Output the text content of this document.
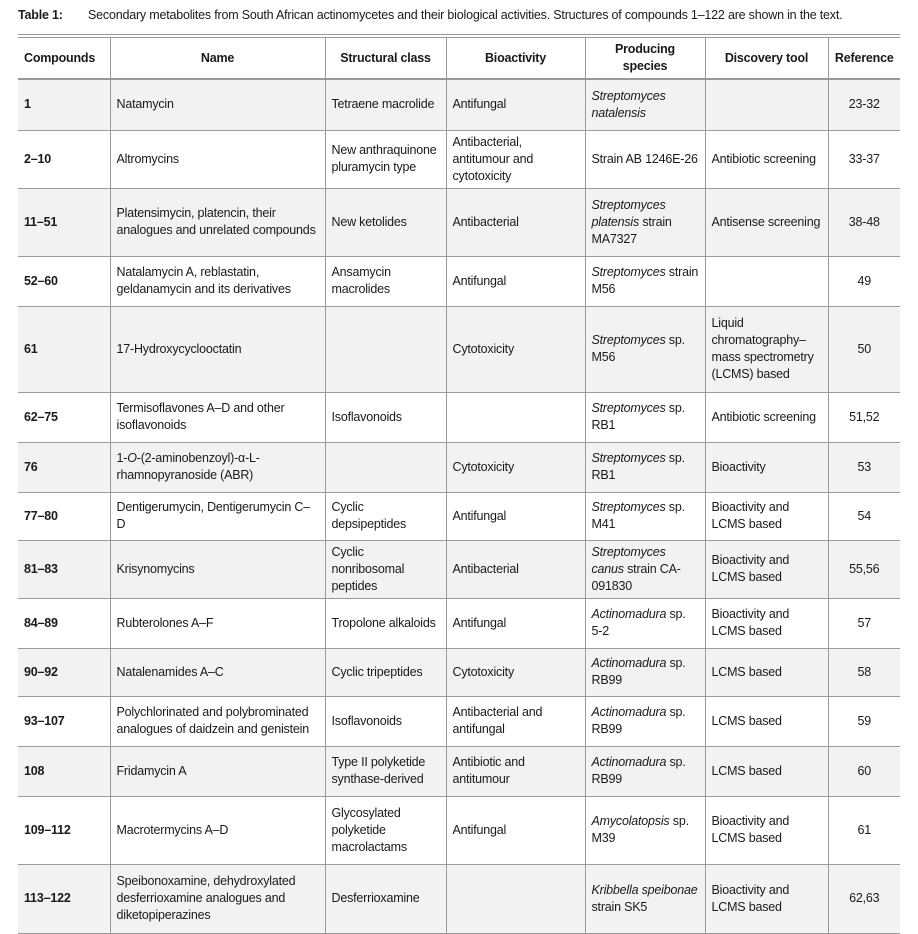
Table 1: Secondary metabolites from South African actinomycetes and their biological activities. Structures of compounds 1–122 are shown in the text.
Compounds	Name	Structural class	Bioactivity	Producing species	Discovery tool	Reference
1	Natamycin	Tetraene macrolide	Antifungal	Streptomyces natalensis		23-32
2–10	Altromycins	New anthraquinone pluramycin type	Antibacterial, antitumour and cytotoxicity	Strain AB 1246E-26	Antibiotic screening	33-37
11–51	Platensimycin, platencin, their analogues and unrelated compounds	New ketolides	Antibacterial	Streptomyces platensis strain MA7327	Antisense screening	38-48
52–60	Natalamycin A, reblastatin, geldanamycin and its derivatives	Ansamycin macrolides	Antifungal	Streptomyces strain M56		49
61	17-Hydroxycyclooctatin		Cytotoxicity	Streptomyces sp. M56	Liquid chromatography–mass spectrometry (LCMS) based	50
62–75	Termisoflavones A–D and other isoflavonoids	Isoflavonoids		Streptomyces sp. RB1	Antibiotic screening	51,52
76	1-O-(2-aminobenzoyl)-α-L-rhamnopyranoside (ABR)		Cytotoxicity	Streptomyces sp. RB1	Bioactivity	53
77–80	Dentigerumycin, Dentigerumycin C–D	Cyclic depsipeptides	Antifungal	Streptomyces sp. M41	Bioactivity and LCMS based	54
81–83	Krisynomycins	Cyclic nonribosomal peptides	Antibacterial	Streptomyces canus strain CA-091830	Bioactivity and LCMS based	55,56
84–89	Rubterolones A–F	Tropolone alkaloids	Antifungal	Actinomadura sp. 5-2	Bioactivity and LCMS based	57
90–92	Natalenamides A–C	Cyclic tripeptides	Cytotoxicity	Actinomadura sp. RB99	LCMS based	58
93–107	Polychlorinated and polybrominated analogues of daidzein and genistein	Isoflavonoids	Antibacterial and antifungal	Actinomadura sp. RB99	LCMS based	59
108	Fridamycin A	Type II polyketide synthase-derived	Antibiotic and antitumour	Actinomadura sp. RB99	LCMS based	60
109–112	Macrotermycins A–D	Glycosylated polyketide macrolactams	Antifungal	Amycolatopsis sp. M39	Bioactivity and LCMS based	61
113–122	Speibonoxamine, dehydroxylated desferrioxamine analogues and diketopiperazines	Desferrioxamine		Kribbella speibonae strain SK5	Bioactivity and LCMS based	62,63
